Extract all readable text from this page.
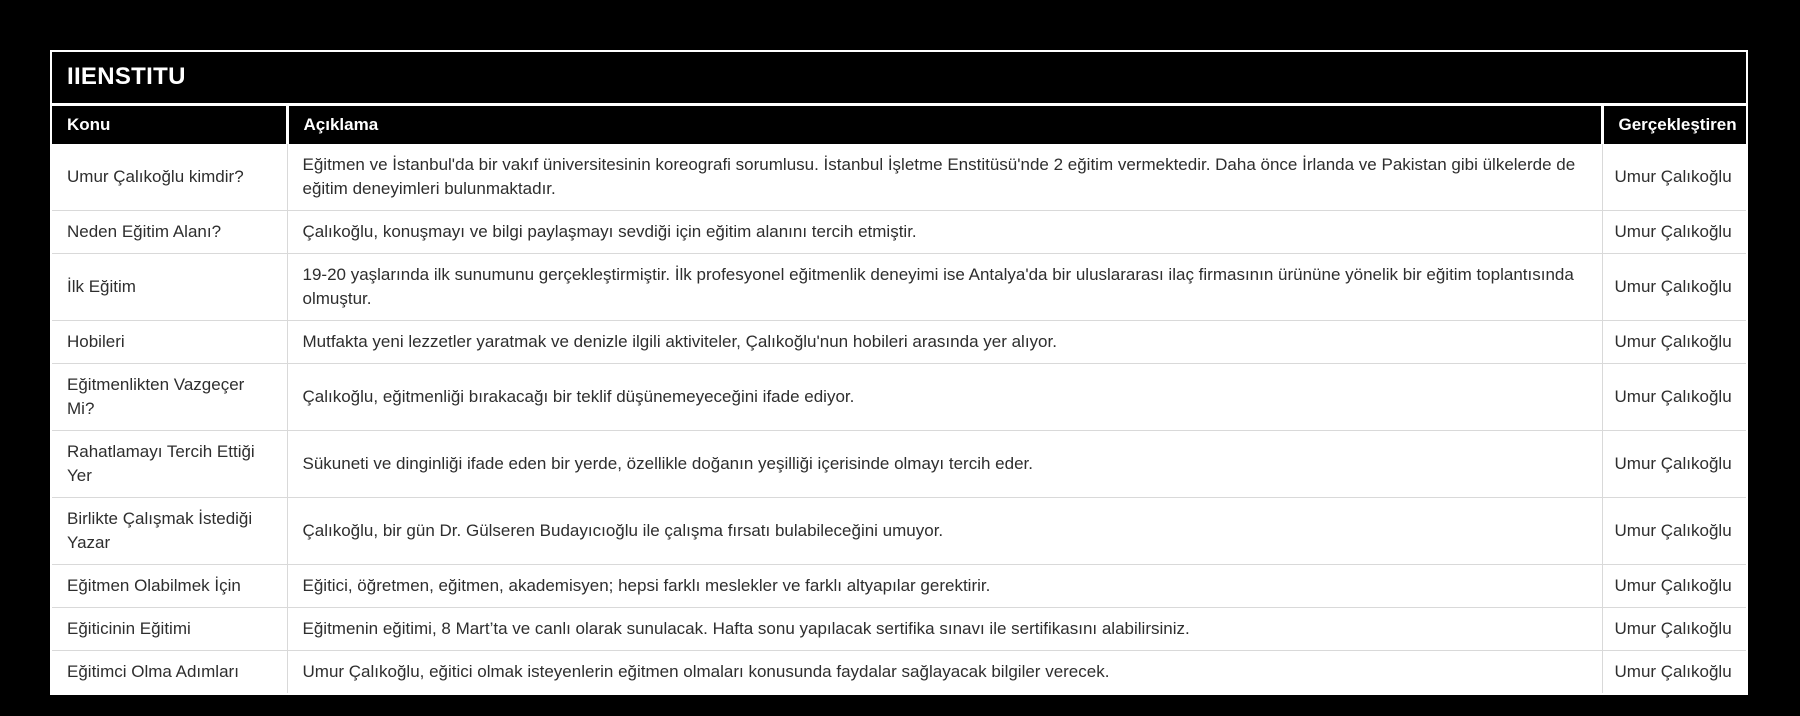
IIENSTITU
Konu	Açıklama	Gerçekleştiren
Umur Çalıkoğlu kimdir?	Eğitmen ve İstanbul'da bir vakıf üniversitesinin koreografi sorumlusu. İstanbul İşletme Enstitüsü'nde 2 eğitim vermektedir. Daha önce İrlanda ve Pakistan gibi ülkelerde de eğitim deneyimleri bulunmaktadır.	Umur Çalıkoğlu
Neden Eğitim Alanı?	Çalıkoğlu, konuşmayı ve bilgi paylaşmayı sevdiği için eğitim alanını tercih etmiştir.	Umur Çalıkoğlu
İlk Eğitim	19-20 yaşlarında ilk sunumunu gerçekleştirmiştir. İlk profesyonel eğitmenlik deneyimi ise Antalya'da bir uluslararası ilaç firmasının ürününe yönelik bir eğitim toplantısında olmuştur.	Umur Çalıkoğlu
Hobileri	Mutfakta yeni lezzetler yaratmak ve denizle ilgili aktiviteler, Çalıkoğlu'nun hobileri arasında yer alıyor.	Umur Çalıkoğlu
Eğitmenlikten Vazgeçer Mi?	Çalıkoğlu, eğitmenliği bırakacağı bir teklif düşünemeyeceğini ifade ediyor.	Umur Çalıkoğlu
Rahatlamayı Tercih Ettiği Yer	Sükuneti ve dinginliği ifade eden bir yerde, özellikle doğanın yeşilliği içerisinde olmayı tercih eder.	Umur Çalıkoğlu
Birlikte Çalışmak İstediği Yazar	Çalıkoğlu, bir gün Dr. Gülseren Budayıcıoğlu ile çalışma fırsatı bulabileceğini umuyor.	Umur Çalıkoğlu
Eğitmen Olabilmek İçin	Eğitici, öğretmen, eğitmen, akademisyen; hepsi farklı meslekler ve farklı altyapılar gerektirir.	Umur Çalıkoğlu
Eğiticinin Eğitimi	Eğitmenin eğitimi, 8 Mart’ta ve canlı olarak sunulacak. Hafta sonu yapılacak sertifika sınavı ile sertifikasını alabilirsiniz.	Umur Çalıkoğlu
Eğitimci Olma Adımları	Umur Çalıkoğlu, eğitici olmak isteyenlerin eğitmen olmaları konusunda faydalar sağlayacak bilgiler verecek.	Umur Çalıkoğlu
